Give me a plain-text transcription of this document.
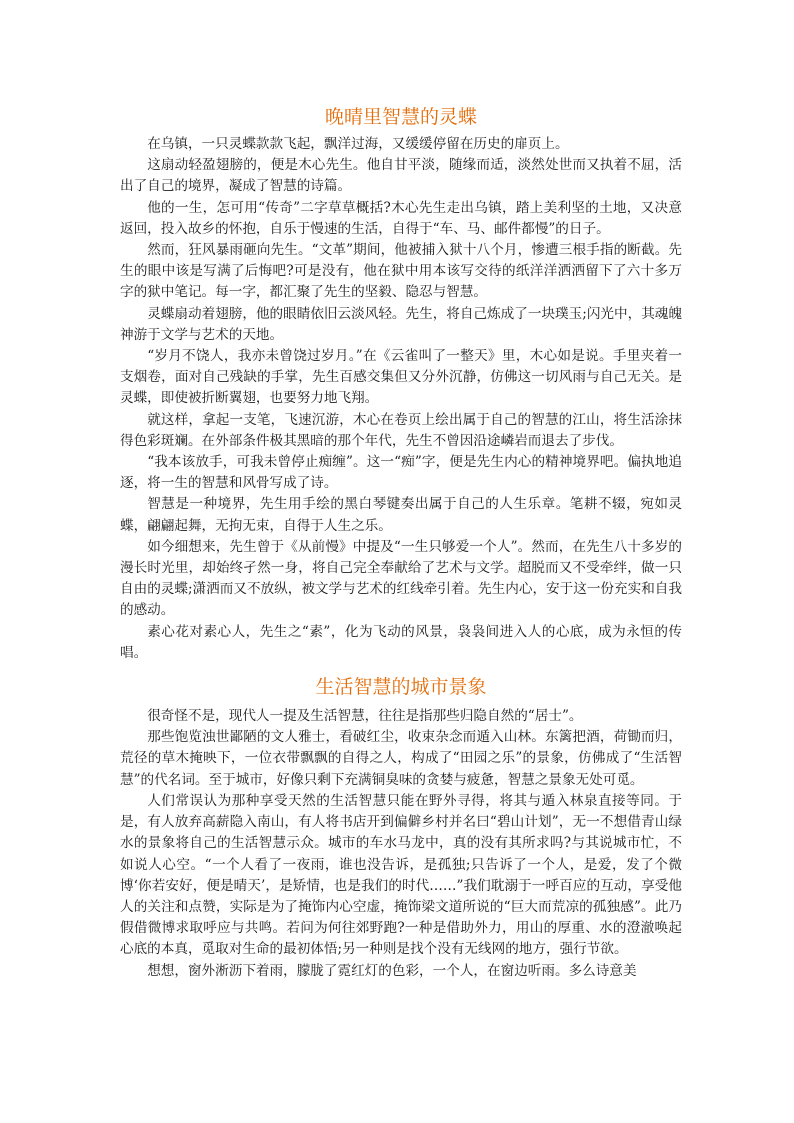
晚晴里智慧的灵蝶

在乌镇，一只灵蝶款款飞起，飘洋过海，又缓缓停留在历史的扉页上。

这扇动轻盈翅膀的，便是木心先生。他自甘平淡，随缘而适，淡然处世而又执着不屈，活出了自己的境界，凝成了智慧的诗篇。

他的一生，怎可用“传奇”二字草草概括?木心先生走出乌镇，踏上美利坚的土地，又决意返回，投入故乡的怀抱，自乐于慢速的生活，自得于“车、马、邮件都慢”的日子。

然而，狂风暴雨砸向先生。“文革”期间，他被捕入狱十八个月，惨遭三根手指的断截。先生的眼中该是写满了后悔吧?可是没有，他在狱中用本该写交待的纸洋洋洒洒留下了六十多万字的狱中笔记。每一字，都汇聚了先生的坚毅、隐忍与智慧。

灵蝶扇动着翅膀，他的眼睛依旧云淡风轻。先生，将自己炼成了一块璞玉;闪光中，其魂魄神游于文学与艺术的天地。

“岁月不饶人，我亦未曾饶过岁月。”在《云雀叫了一整天》里，木心如是说。手里夹着一支烟卷，面对自己残缺的手掌，先生百感交集但又分外沉静，仿佛这一切风雨与自己无关。是灵蝶，即使被折断翼翅，也要努力地飞翔。

就这样，拿起一支笔，飞速沉游，木心在卷页上绘出属于自己的智慧的江山，将生活涂抹得色彩斑斓。在外部条件极其黑暗的那个年代，先生不曾因沿途嶙岩而退去了步伐。

“我本该放手，可我未曾停止痴缠”。这一“痴”字，便是先生内心的精神境界吧。偏执地追逐，将一生的智慧和风骨写成了诗。

智慧是一种境界，先生用手绘的黑白琴键奏出属于自己的人生乐章。笔耕不辍，宛如灵蝶，翩翩起舞，无拘无束，自得于人生之乐。

如今细想来，先生曾于《从前慢》中提及“一生只够爱一个人”。然而，在先生八十多岁的漫长时光里，却始终孑然一身，将自己完全奉献给了艺术与文学。超脱而又不受牵绊，做一只自由的灵蝶;潇洒而又不放纵，被文学与艺术的红线牵引着。先生内心，安于这一份充实和自我的感动。

素心花对素心人，先生之“素”，化为飞动的风景，袅袅间进入人的心底，成为永恒的传唱。

生活智慧的城市景象

很奇怪不是，现代人一提及生活智慧，往往是指那些归隐自然的“居士”。

那些饱览浊世鄙陋的文人雅士，看破红尘，收束杂念而遁入山林。东篱把酒，荷锄而归，荒径的草木掩映下，一位衣带飘飘的自得之人，构成了“田园之乐”的景象，仿佛成了“生活智慧”的代名词。至于城市，好像只剩下充满铜臭味的贪婪与疲惫，智慧之景象无处可觅。

人们常误认为那种享受天然的生活智慧只能在野外寻得，将其与遁入林泉直接等同。于是，有人放弃高薪隐入南山，有人将书店开到偏僻乡村并名曰“碧山计划”，无一不想借青山绿水的景象将自己的生活智慧示众。城市的车水马龙中，真的没有其所求吗?与其说城市忙，不如说人心空。“一个人看了一夜雨，谁也没告诉，是孤独;只告诉了一个人，是爱，发了个微博‘你若安好，便是晴天’，是矫情，也是我们的时代……”我们耽溺于一呼百应的互动，享受他人的关注和点赞，实际是为了掩饰内心空虚，掩饰梁文道所说的“巨大而荒凉的孤独感”。此乃假借微博求取呼应与共鸣。若问为何往郊野跑?一种是借助外力，用山的厚重、水的澄澈唤起心底的本真，觅取对生命的最初体悟;另一种则是找个没有无线网的地方，强行节欲。

想想，窗外淅沥下着雨，朦胧了霓红灯的色彩，一个人，在窗边听雨。多么诗意美
